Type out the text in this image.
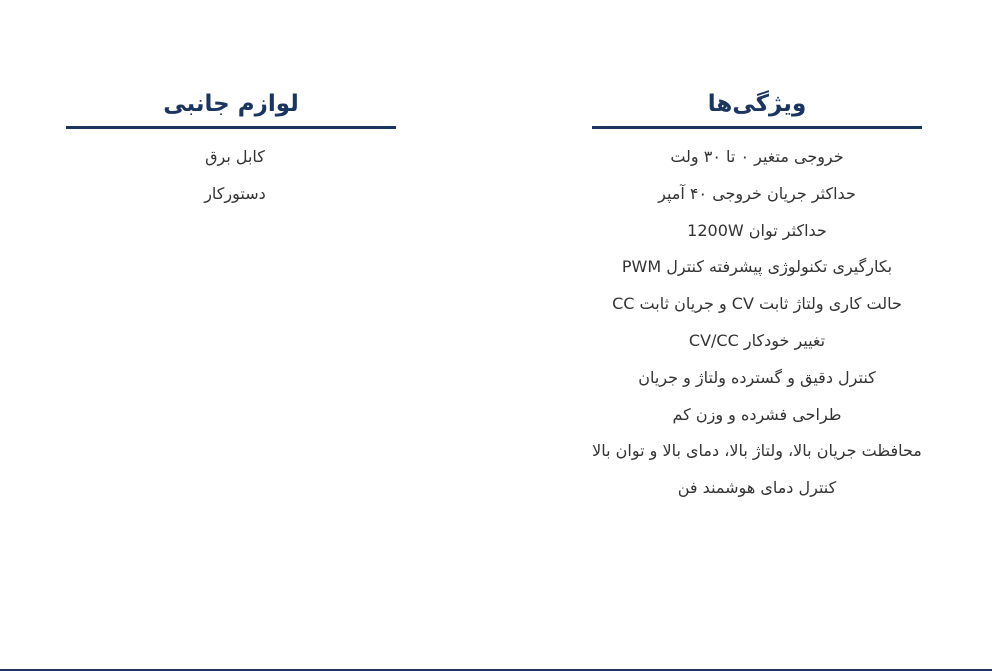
ویژگی‌ها
خروجی متغیر ۰ تا ۳۰ ولت
حداکثر جریان خروجی ۴۰ آمپر
حداکثر توان 1200W
بکارگیری تکنولوژی پیشرفته کنترل PWM
حالت کاری ولتاژ ثابت CV و جریان ثابت CC
تغییر خودکار CV/CC
کنترل دقیق و گسترده ولتاژ و جریان
طراحی فشرده و وزن کم
محافظت جریان بالا، ولتاژ بالا، دمای بالا و توان بالا
کنترل دمای هوشمند فن
لوازم جانبی
کابل برق
دستورکار
